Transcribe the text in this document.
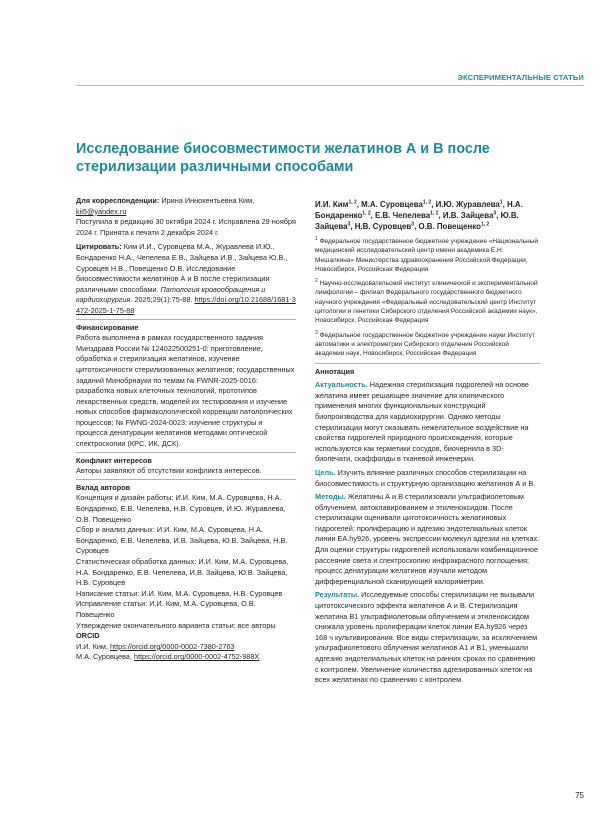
ЭКСПЕРИМЕНТАЛЬНЫЕ СТАТЬИ
Исследование биосовместимости желатинов А и В после стерилизации различными способами
Для корреспонденции: Ирина Иннокентьевна Ким,
kii5@yandex.ru
Поступила в редакцию 30 октября 2024 г. Исправлена 29 ноября 2024 г. Принята к печати 2 декабря 2024 г.
Цитировать: Ким И.И., Суровцева М.А., Журавлева И.Ю., Бондаренко Н.А., Чепелева Е.В., Зайцева И.В., Зайцева Ю.В., Суровцев Н.В., Повещенко О.В. Исследование биосовместимости желатинов А и В после стерилизации различными способами. Патология кровообращения и кардиохирургия. 2025;29(1):75-88. https://doi.org/10.21688/1681-3472-2025-1-75-88
Финансирование
Работа выполнена в рамках государственного задания Минздрава России № 124022500251-0: приготовление, обработка и стерилизация желатинов, изучение цитотоксичности стерилизованных желатинов; государственных заданий Минобрнауки по темам № FWNR-2025-0016: разработка новых клеточных технологий, прототипов лекарственных средств, моделей их тестирования и изучение новых способов фармакологической коррекции патологических процессов; № FWNG-2024-0023: изучение структуры и процесса денатурации желатинов методами оптической спектроскопии (КРС, ИК, ДСК).
Конфликт интересов
Авторы заявляют об отсутствии конфликта интересов.
Вклад авторов
Концепция и дизайн работы: И.И. Ким, М.А. Суровцева, Н.А. Бондаренко, Е.В. Чепелева, Н.В. Суровцев, И.Ю. Журавлева, О.В. Повещенко
Сбор и анализ данных: И.И. Ким, М.А. Суровцева, Н.А. Бондаренко, Е.В. Чепелева, И.В. Зайцева, Ю.В. Зайцева, Н.В. Суровцев
Статистическая обработка данных: И.И. Ким, М.А. Суровцева, Н.А. Бондаренко, Е.В. Чепелева, И.В. Зайцева, Ю.В. Зайцева, Н.В. Суровцев
Написание статьи: И.И. Ким, М.А. Суровцева, Н.В. Суровцев
Исправление статьи: И.И. Ким, М.А. Суровцева, О.В. Повещенко
Утверждение окончательного варианта статьи: все авторы
ORCID
И.И. Ким, https://orcid.org/0000-0002-7380-2763
М.А. Суровцева, https://orcid.org/0000-0002-4752-988X
И.И. Ким$^{1, 2}$, М.А. Суровцева$^{1, 2}$, И.Ю. Журавлева$^1$, Н.А. Бондаренко$^{1, 2}$, Е.В. Чепелева$^{1, 2}$, И.В. Зайцева$^3$, Ю.В. Зайцева$^3$, Н.В. Суровцев$^3$, О.В. Повещенко$^{1, 2}$
$^1$ Федеральное государственное бюджетное учреждение «Национальный медицинский исследовательский центр имени академика Е.Н. Мешалкина» Министерства здравоохранения Российской Федерации, Новосибирск, Российская Федерация
$^2$ Научно-исследовательский институт клинической и экспериментальной лимфологии – филиал Федерального государственного бюджетного научного учреждения «Федеральный исследовательский центр Институт цитологии и генетики Сибирского отделения Российской академии наук», Новосибирск, Российская Федерация
$^3$ Федеральное государственное бюджетное учреждение науки Институт автоматики и электрометрии Сибирского отделения Российской академии наук, Новосибирск, Российская Федерация
Аннотация

Актуальность. Надежная стерилизация гидрогелей на основе желатина имеет решающее значение для клинического применения многих функциональных конструкций биопроизводства для кардиохирургии. Однако методы стерилизации могут оказывать нежелательное воздействие на свойства гидрогелей природного происхождения, которые используются как герметики сосудов, биочернила в 3D-биопечати, скаффолды в тканевой инженерии.

Цель. Изучить влияние различных способов стерилизации на биосовместимость и структурную организацию желатинов А и В.

Методы. Желатины А и В стерилизовали ультрафиолетовым облучением, автоклавированием и этиленоксидом. После стерилизации оценивали цитотоксичность желатиновых гидрогелей; пролиферацию и адгезию эндотелиальных клеток линии EA.hy926, уровень экспрессии молекул адгезии на клетках. Для оценки структуры гидрогелей использовали комбинационное рассеяние света и спектроскопию инфракрасного поглощения; процесс денатурации желатинов изучали методом дифференциальной сканирующей калориметрии.

Результаты. Исследуемые способы стерилизации не вызывали цитотоксического эффекта желатинов А и В. Стерилизация желатина В1 ультрафиолетовым облучением и этиленоксидом снижала уровень пролиферации клеток линии EA.hy926 через 168 ч культивирования. Все виды стерилизации, за исключением ультрафиолетового облучения желатинов А1 и В1, уменьшали адгезию эндотелиальных клеток на ранних сроках по сравнению с контролем. Увеличение количества адгезированных клеток на всех желатинах по сравнению с контролем

75
